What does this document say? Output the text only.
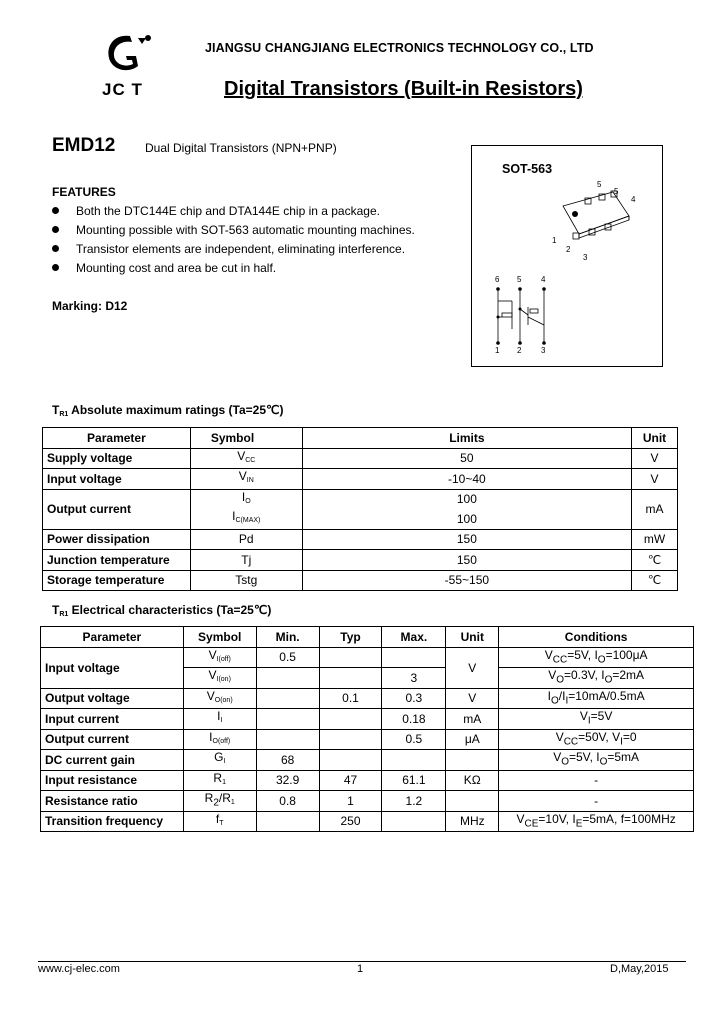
JC T
JIANGSU CHANGJIANG ELECTRONICS TECHNOLOGY CO., LTD
Digital Transistors (Built-in Resistors)
EMD12 Dual Digital Transistors (NPN+PNP)
FEATURES
Both the DTC144E chip and DTA144E chip in a package.
Mounting possible with SOT-563 automatic mounting machines.
Transistor elements are independent, eliminating interference.
Mounting cost and area be cut in half.
Marking: D12
SOT-563
5
5
4
1
2
3
6 5 4
1 2 3
$T_{R1}$ Absolute maximum ratings (Ta=25℃)
Parameter	Symbol	Limits	Unit
Supply voltage	$V_{CC}$	50	V
Input voltage	$V_{IN}$	-10~40	V
Output current	$I_O$	100	mA
	$I_{C(MAX)}$	100	
Power dissipation	Pd	150	mW
Junction temperature	Tj	150	℃
Storage temperature	Tstg	-55~150	℃
$T_{R1}$ Electrical characteristics (Ta=25℃)
Parameter	Symbol	Min.	Typ	Max.	Unit	Conditions
Input voltage	$V_{I(off)}$	0.5			V	$V_{CC}=5V$, $I_O=100\mu A$
	$V_{I(on)}$			3		$V_O=0.3V$, $I_O=2mA$
Output voltage	$V_{O(on)}$		0.1	0.3	V	$I_O/I_I=10mA/0.5mA$
Input current	$I_I$			0.18	mA	$V_I=5V$
Output current	$I_{O(off)}$			0.5	μA	$V_{CC}=50V$, $V_I=0$
DC current gain	$G_I$	68				$V_O=5V$, $I_O=5mA$
Input resistance	$R_1$	32.9	47	61.1	KΩ	-
Resistance ratio	$R_2/R_1$	0.8	1	1.2		-
Transition frequency	$f_T$		250		MHz	$V_{CE}=10V$, $I_E=5mA$, f=100MHz
www.cj-elec.com	1	D,May,2015
